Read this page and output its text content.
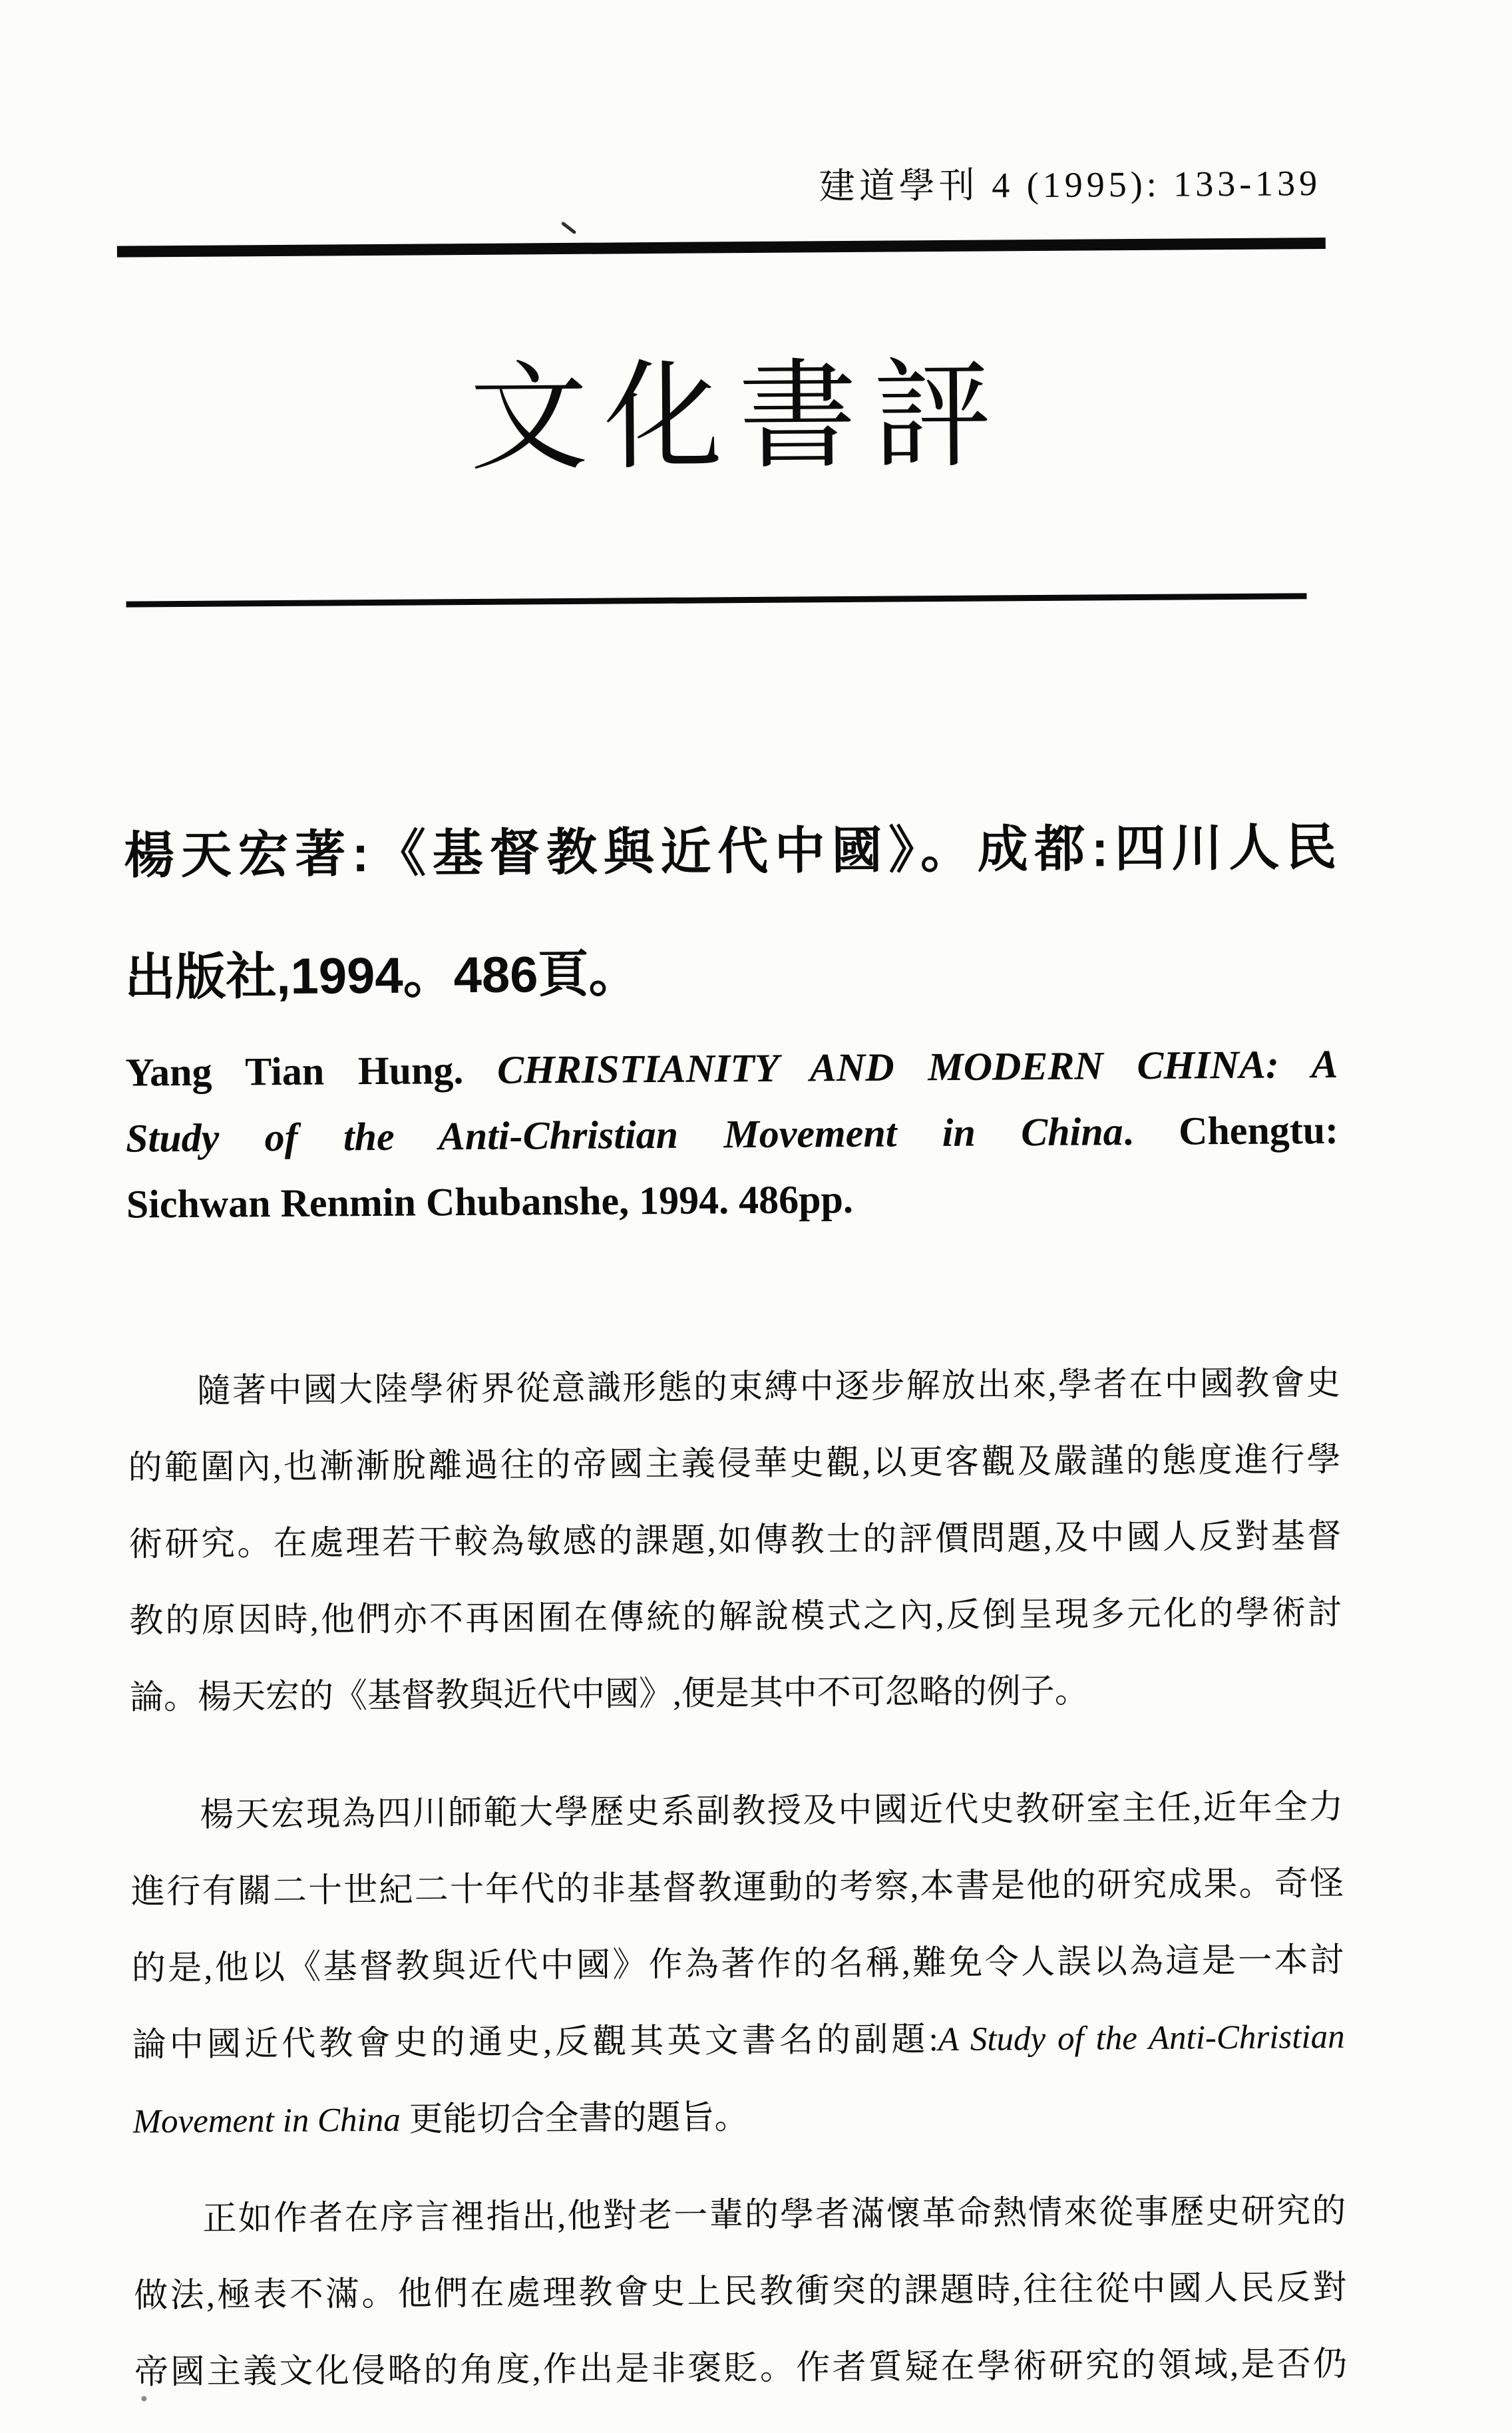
建道學刊 4 (1995): 133-139
文化書評
楊天宏著:《基督教與近代中國》。成都:四川人民
出版社,1994。486頁。
Yang Tian Hung. CHRISTIANITY AND MODERN CHINA: A
Study of the Anti-Christian Movement in China. Chengtu:
Sichwan Renmin Chubanshe, 1994. 486pp.
隨著中國大陸學術界從意識形態的束縛中逐步解放出來,學者在中國教會史
的範圍內,也漸漸脫離過往的帝國主義侵華史觀,以更客觀及嚴謹的態度進行學
術研究。在處理若干較為敏感的課題,如傳教士的評價問題,及中國人反對基督
教的原因時,他們亦不再困囿在傳統的解說模式之內,反倒呈現多元化的學術討
論。楊天宏的《基督教與近代中國》,便是其中不可忽略的例子。
楊天宏現為四川師範大學歷史系副教授及中國近代史教研室主任,近年全力
進行有關二十世紀二十年代的非基督教運動的考察,本書是他的研究成果。奇怪
的是,他以《基督教與近代中國》作為著作的名稱,難免令人誤以為這是一本討
論中國近代教會史的通史,反觀其英文書名的副題:A Study of the Anti-Christian
Movement in China 更能切合全書的題旨。
正如作者在序言裡指出,他對老一輩的學者滿懷革命熱情來從事歷史研究的
做法,極表不滿。他們在處理教會史上民教衝突的課題時,往往從中國人民反對
帝國主義文化侵略的角度,作出是非褒貶。作者質疑在學術研究的領域,是否仍
